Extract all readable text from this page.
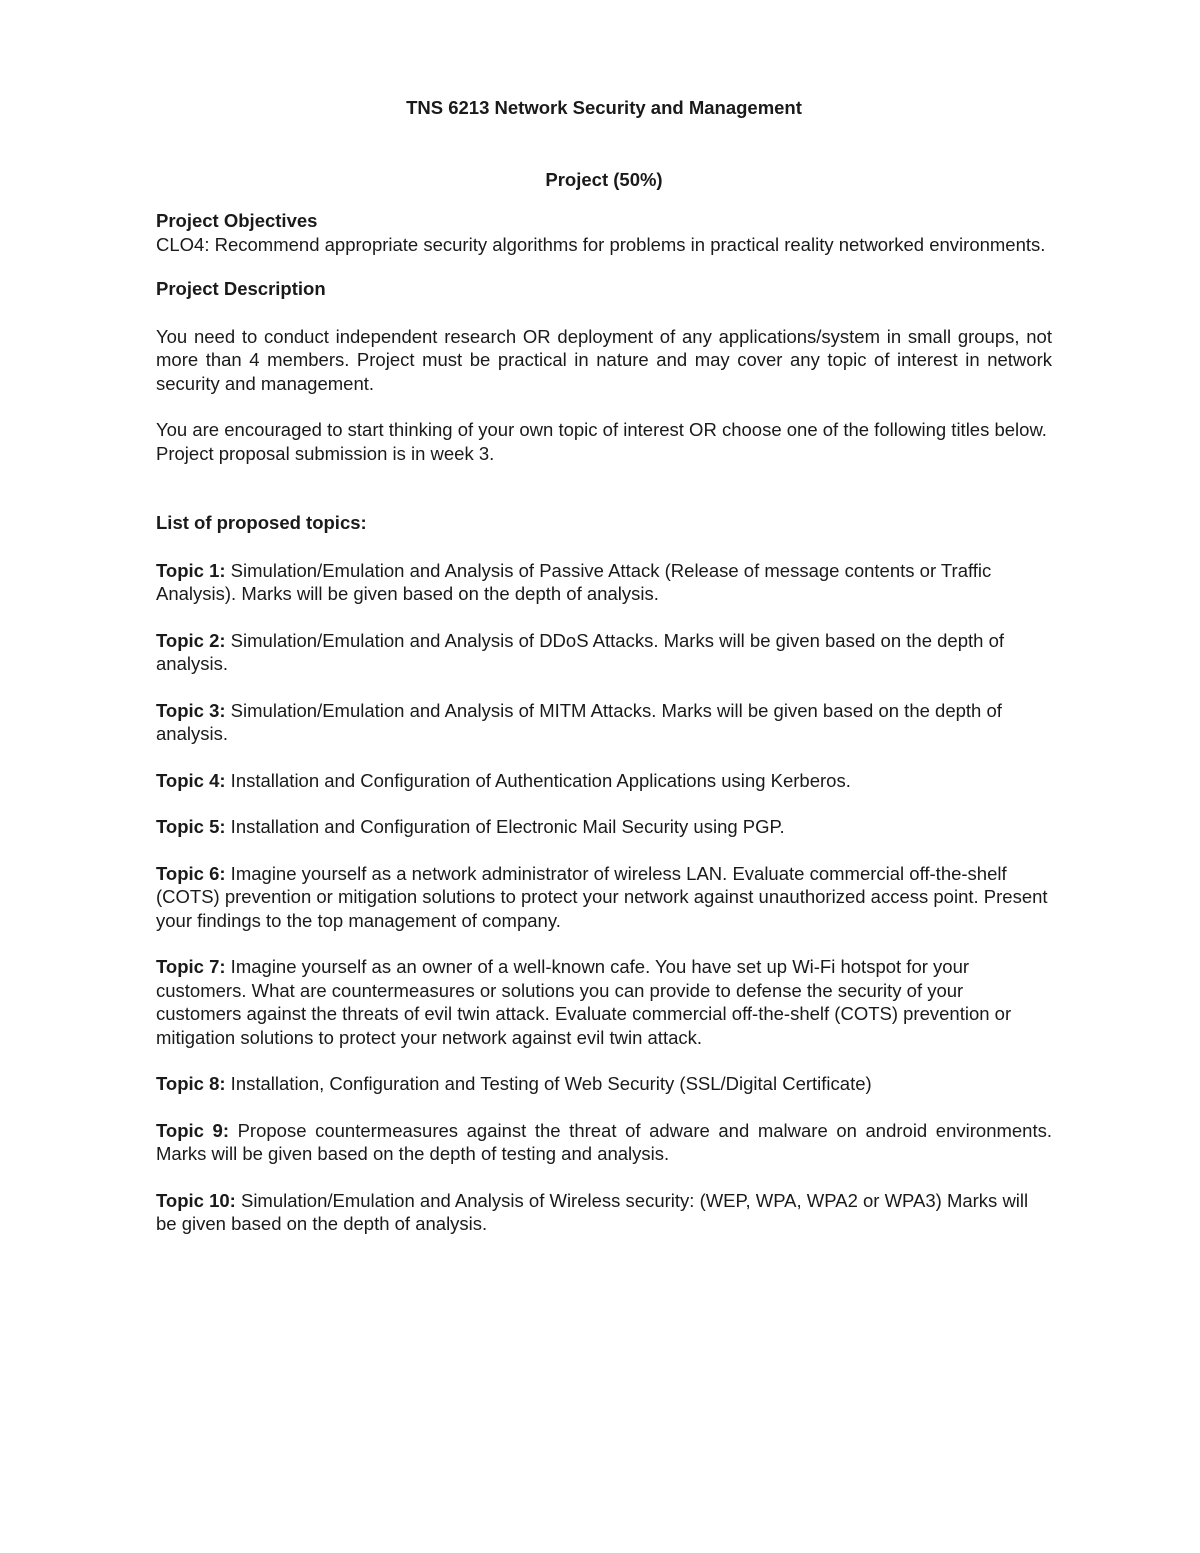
TNS 6213 Network Security and Management

Project (50%)

Project Objectives

CLO4: Recommend appropriate security algorithms for problems in practical reality networked environments.

Project Description

You need to conduct independent research OR deployment of any applications/system in small groups, not more than 4 members. Project must be practical in nature and may cover any topic of interest in network security and management.

You are encouraged to start thinking of your own topic of interest OR choose one of the following titles below. Project proposal submission is in week 3.

List of proposed topics:

Topic 1: Simulation/Emulation and Analysis of Passive Attack (Release of message contents or Traffic Analysis). Marks will be given based on the depth of analysis.

Topic 2: Simulation/Emulation and Analysis of DDoS Attacks. Marks will be given based on the depth of analysis.

Topic 3: Simulation/Emulation and Analysis of MITM Attacks. Marks will be given based on the depth of analysis.

Topic 4: Installation and Configuration of Authentication Applications using Kerberos.

Topic 5: Installation and Configuration of Electronic Mail Security using PGP.

Topic 6: Imagine yourself as a network administrator of wireless LAN. Evaluate commercial off-the-shelf (COTS) prevention or mitigation solutions to protect your network against unauthorized access point. Present your findings to the top management of company.

Topic 7: Imagine yourself as an owner of a well-known cafe. You have set up Wi-Fi hotspot for your customers. What are countermeasures or solutions you can provide to defense the security of your customers against the threats of evil twin attack. Evaluate commercial off-the-shelf (COTS) prevention or mitigation solutions to protect your network against evil twin attack.

Topic 8: Installation, Configuration and Testing of Web Security (SSL/Digital Certificate)

Topic 9: Propose countermeasures against the threat of adware and malware on android environments. Marks will be given based on the depth of testing and analysis.

Topic 10: Simulation/Emulation and Analysis of Wireless security: (WEP, WPA, WPA2 or WPA3) Marks will be given based on the depth of analysis.
